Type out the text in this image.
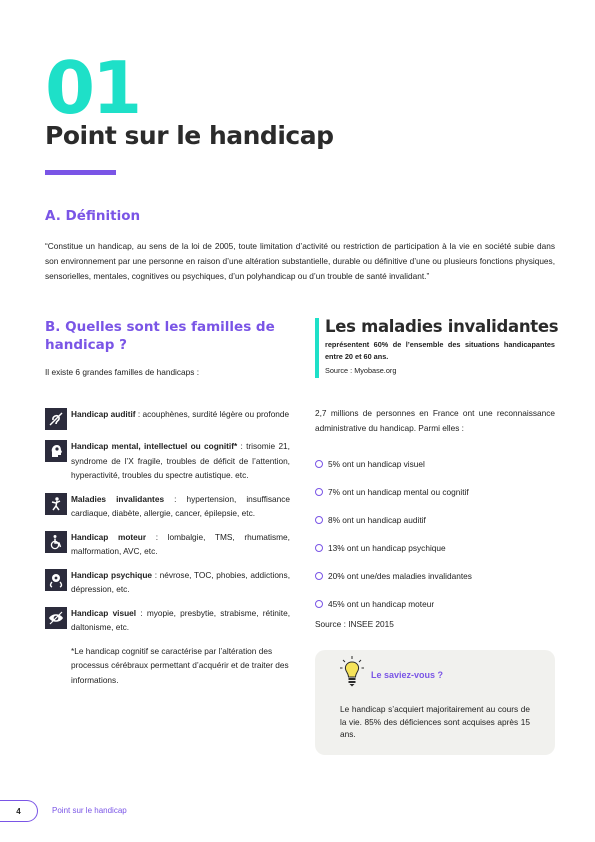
01
Point sur le handicap
A. Définition

“Constitue un handicap, au sens de la loi de 2005, toute limitation d’activité ou restriction de participation à la vie en société subie dans son environnement par une personne en raison d’une altération substantielle, durable ou définitive d’une ou plusieurs fonctions physiques, sensorielles, mentales, cognitives ou psychiques, d’un polyhandicap ou d’un trouble de santé invalidant.”

B. Quelles sont les familles de handicap ?
Il existe 6 grandes familles de handicaps :
Handicap auditif : acouphènes, surdité légère ou profonde
Handicap mental, intellectuel ou cognitif* : trisomie 21, syndrome de l’X fragile, troubles de déficit de l’attention, hyperactivité, troubles du spectre autistique. etc.
Maladies invalidantes : hypertension, insuffisance cardiaque, diabète, allergie, cancer, épilepsie, etc.
Handicap moteur : lombalgie, TMS, rhumatisme, malformation, AVC, etc.
Handicap psychique : névrose, TOC, phobies, addictions, dépression, etc.
Handicap visuel : myopie, presbytie, strabisme, rétinite, daltonisme, etc.

*Le handicap cognitif se caractérise par l’altération des processus cérébraux permettant d’acquérir et de traiter des informations.

Les maladies invalidantes

représentent 60% de l’ensemble des situations handicapantes entre 20 et 60 ans.

Source : Myobase.org

2,7 millions de personnes en France ont une reconnaissance administrative du handicap. Parmi elles :

5% ont un handicap visuel
7% ont un handicap mental ou cognitif
8% ont un handicap auditif
13% ont un handicap psychique
20% ont une/des maladies invalidantes
45% ont un handicap moteur
Source : INSEE 2015
Le saviez-vous ?

Le handicap s’acquiert majoritairement au cours de la vie. 85% des déficiences sont acquises après 15 ans.

4	Point sur le handicap
